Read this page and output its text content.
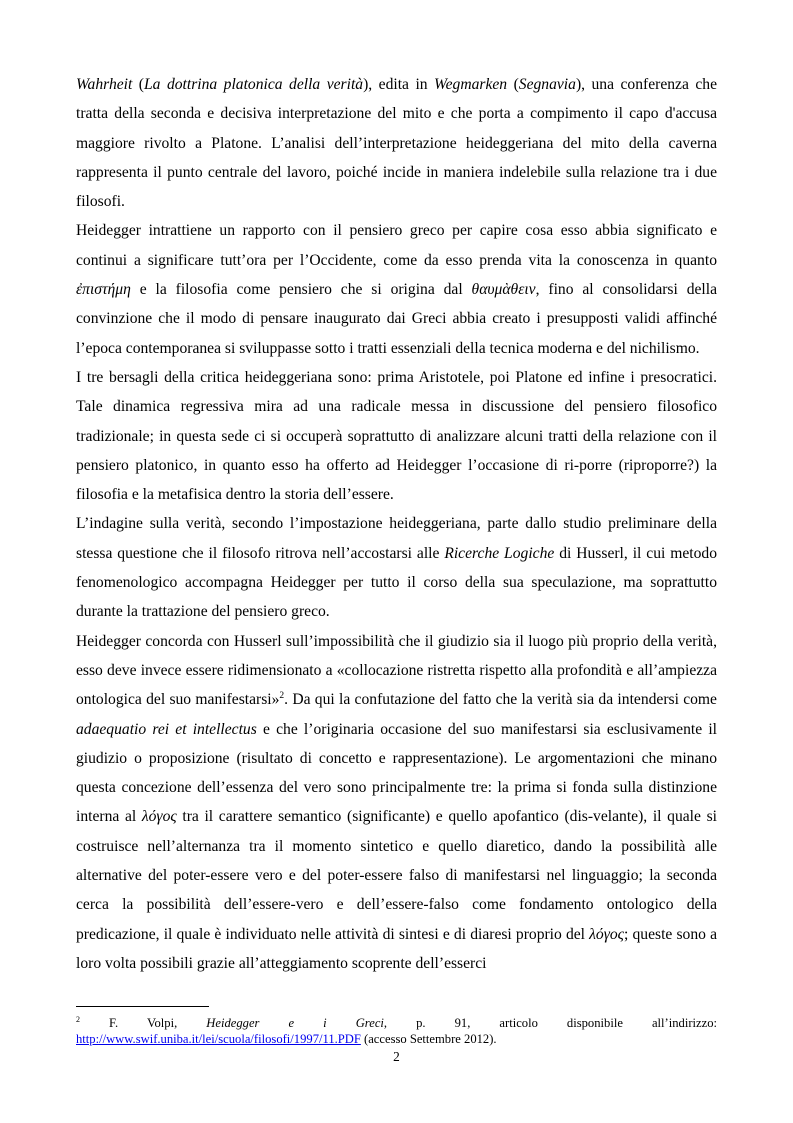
Wahrheit (La dottrina platonica della verità), edita in Wegmarken (Segnavia), una conferenza che tratta della seconda e decisiva interpretazione del mito e che porta a compimento il capo d'accusa maggiore rivolto a Platone. L’analisi dell’interpretazione heideggeriana del mito della caverna rappresenta il punto centrale del lavoro, poiché incide in maniera indelebile sulla relazione tra i due filosofi.

Heidegger intrattiene un rapporto con il pensiero greco per capire cosa esso abbia significato e continui a significare tutt’ora per l’Occidente, come da esso prenda vita la conoscenza in quanto ἐπιστήμη e la filosofia come pensiero che si origina dal θαυμὰθειν, fino al consolidarsi della convinzione che il modo di pensare inaugurato dai Greci abbia creato i presupposti validi affinché l’epoca contemporanea si sviluppasse sotto i tratti essenziali della tecnica moderna e del nichilismo.

I tre bersagli della critica heideggeriana sono: prima Aristotele, poi Platone ed infine i presocratici. Tale dinamica regressiva mira ad una radicale messa in discussione del pensiero filosofico tradizionale; in questa sede ci si occuperà soprattutto di analizzare alcuni tratti della relazione con il pensiero platonico, in quanto esso ha offerto ad Heidegger l’occasione di ri-porre (riproporre?) la filosofia e la metafisica dentro la storia dell’essere.

L’indagine sulla verità, secondo l’impostazione heideggeriana, parte dallo studio preliminare della stessa questione che il filosofo ritrova nell’accostarsi alle Ricerche Logiche di Husserl, il cui metodo fenomenologico accompagna Heidegger per tutto il corso della sua speculazione, ma soprattutto durante la trattazione del pensiero greco.

Heidegger concorda con Husserl sull’impossibilità che il giudizio sia il luogo più proprio della verità, esso deve invece essere ridimensionato a «collocazione ristretta rispetto alla profondità e all’ampiezza ontologica del suo manifestarsi»$^2$. Da qui la confutazione del fatto che la verità sia da intendersi come adaequatio rei et intellectus e che l’originaria occasione del suo manifestarsi sia esclusivamente il giudizio o proposizione (risultato di concetto e rappresentazione). Le argomentazioni che minano questa concezione dell’essenza del vero sono principalmente tre: la prima si fonda sulla distinzione interna al λόγος tra il carattere semantico (significante) e quello apofantico (dis-velante), il quale si costruisce nell’alternanza tra il momento sintetico e quello diaretico, dando la possibilità alle alternative del poter-essere vero e del poter-essere falso di manifestarsi nel linguaggio; la seconda cerca la possibilità dell’essere-vero e dell’essere-falso come fondamento ontologico della predicazione, il quale è individuato nelle attività di sintesi e di diaresi proprio del λόγος; queste sono a loro volta possibili grazie all’atteggiamento scoprente dell’esserci

$^2$ F. Volpi, Heidegger e i Greci, p. 91, articolo disponibile all’indirizzo: http://www.swif.uniba.it/lei/scuola/filosofi/1997/11.PDF (accesso Settembre 2012).
2
